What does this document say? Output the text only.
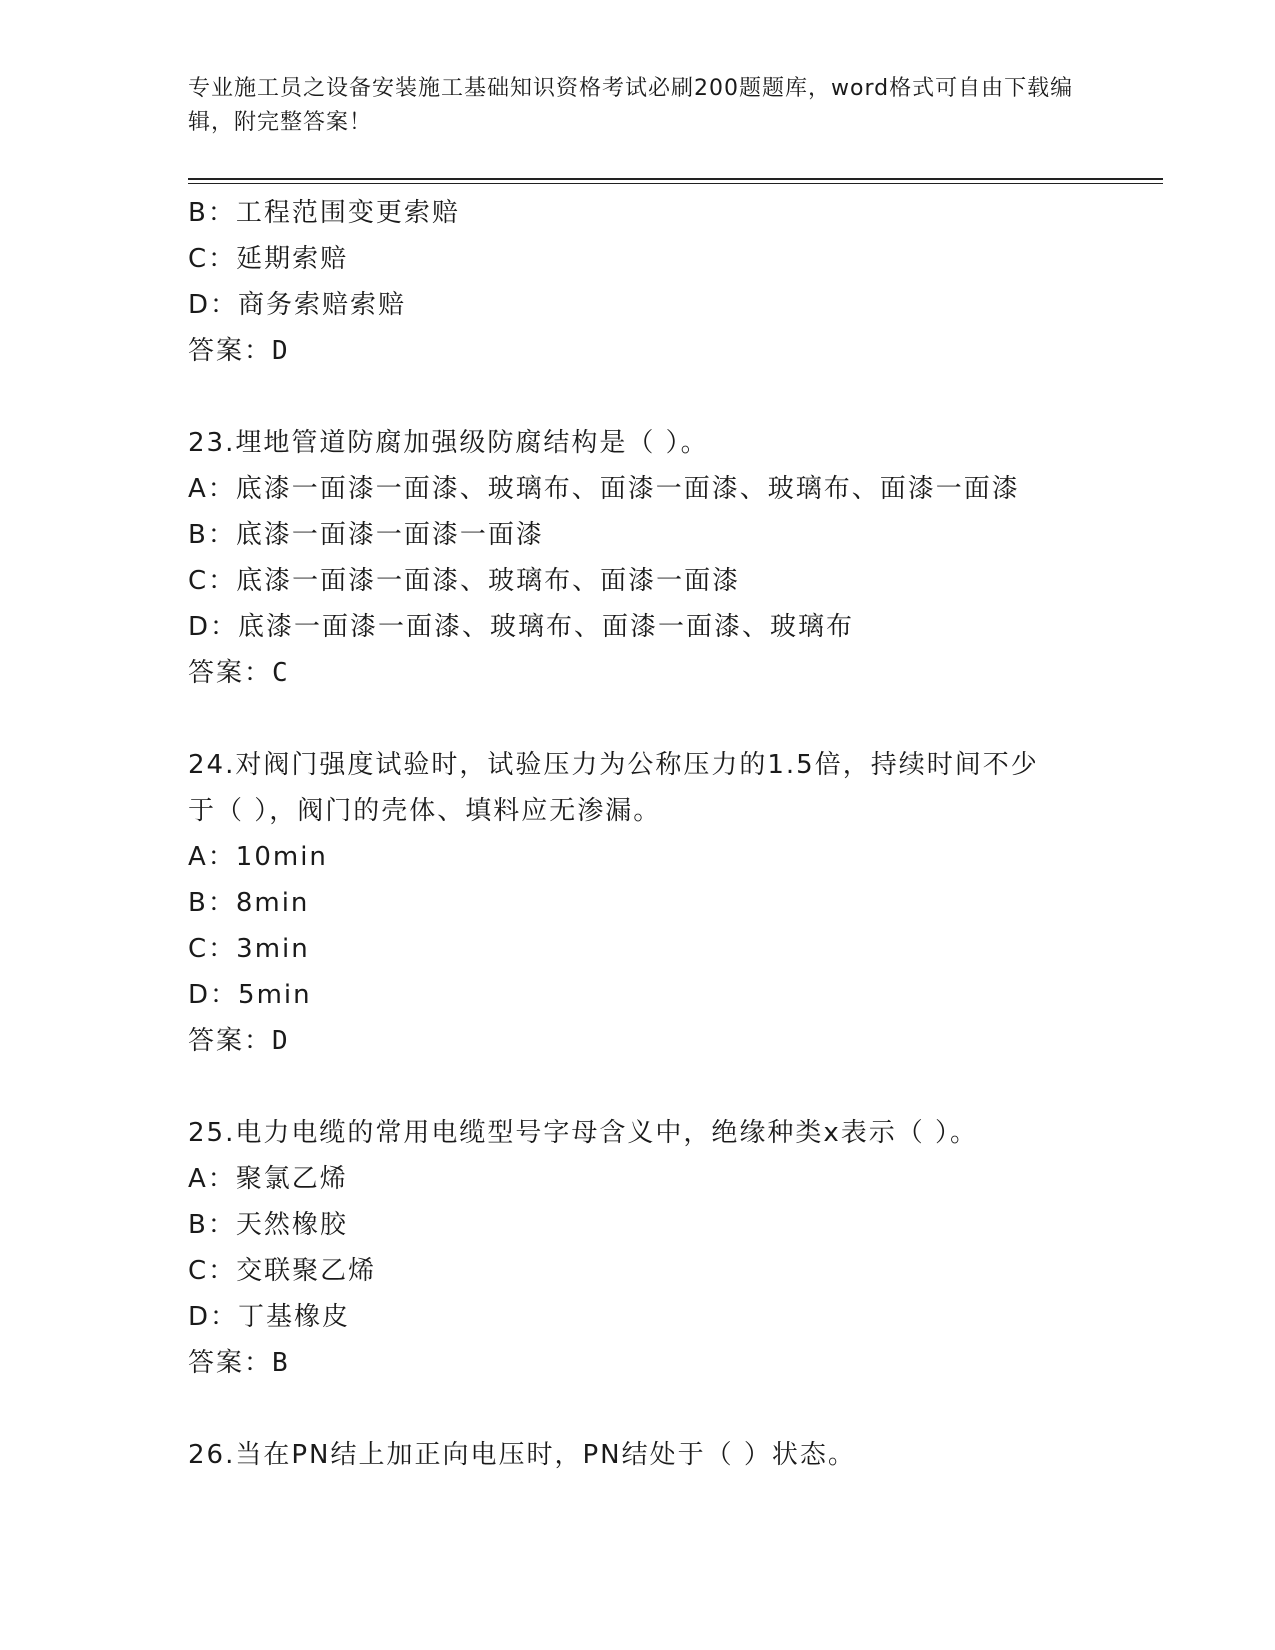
专业施工员之设备安装施工基础知识资格考试必刷200题题库，word格式可自由下载编辑，附完整答案！
B：工程范围变更索赔
C：延期索赔
D：商务索赔索赔
答案：D
23.埋地管道防腐加强级防腐结构是（ ）。
A：底漆一面漆一面漆、玻璃布、面漆一面漆、玻璃布、面漆一面漆
B：底漆一面漆一面漆一面漆
C：底漆一面漆一面漆、玻璃布、面漆一面漆
D：底漆一面漆一面漆、玻璃布、面漆一面漆、玻璃布
答案：C
24.对阀门强度试验时，试验压力为公称压力的1.5倍，持续时间不少
于（ ），阀门的壳体、填料应无渗漏。
A：10min
B：8min
C：3min
D：5min
答案：D
25.电力电缆的常用电缆型号字母含义中，绝缘种类x表示（ ）。
A：聚氯乙烯
B：天然橡胶
C：交联聚乙烯
D：丁基橡皮
答案：B
26.当在PN结上加正向电压时，PN结处于（ ）状态。
